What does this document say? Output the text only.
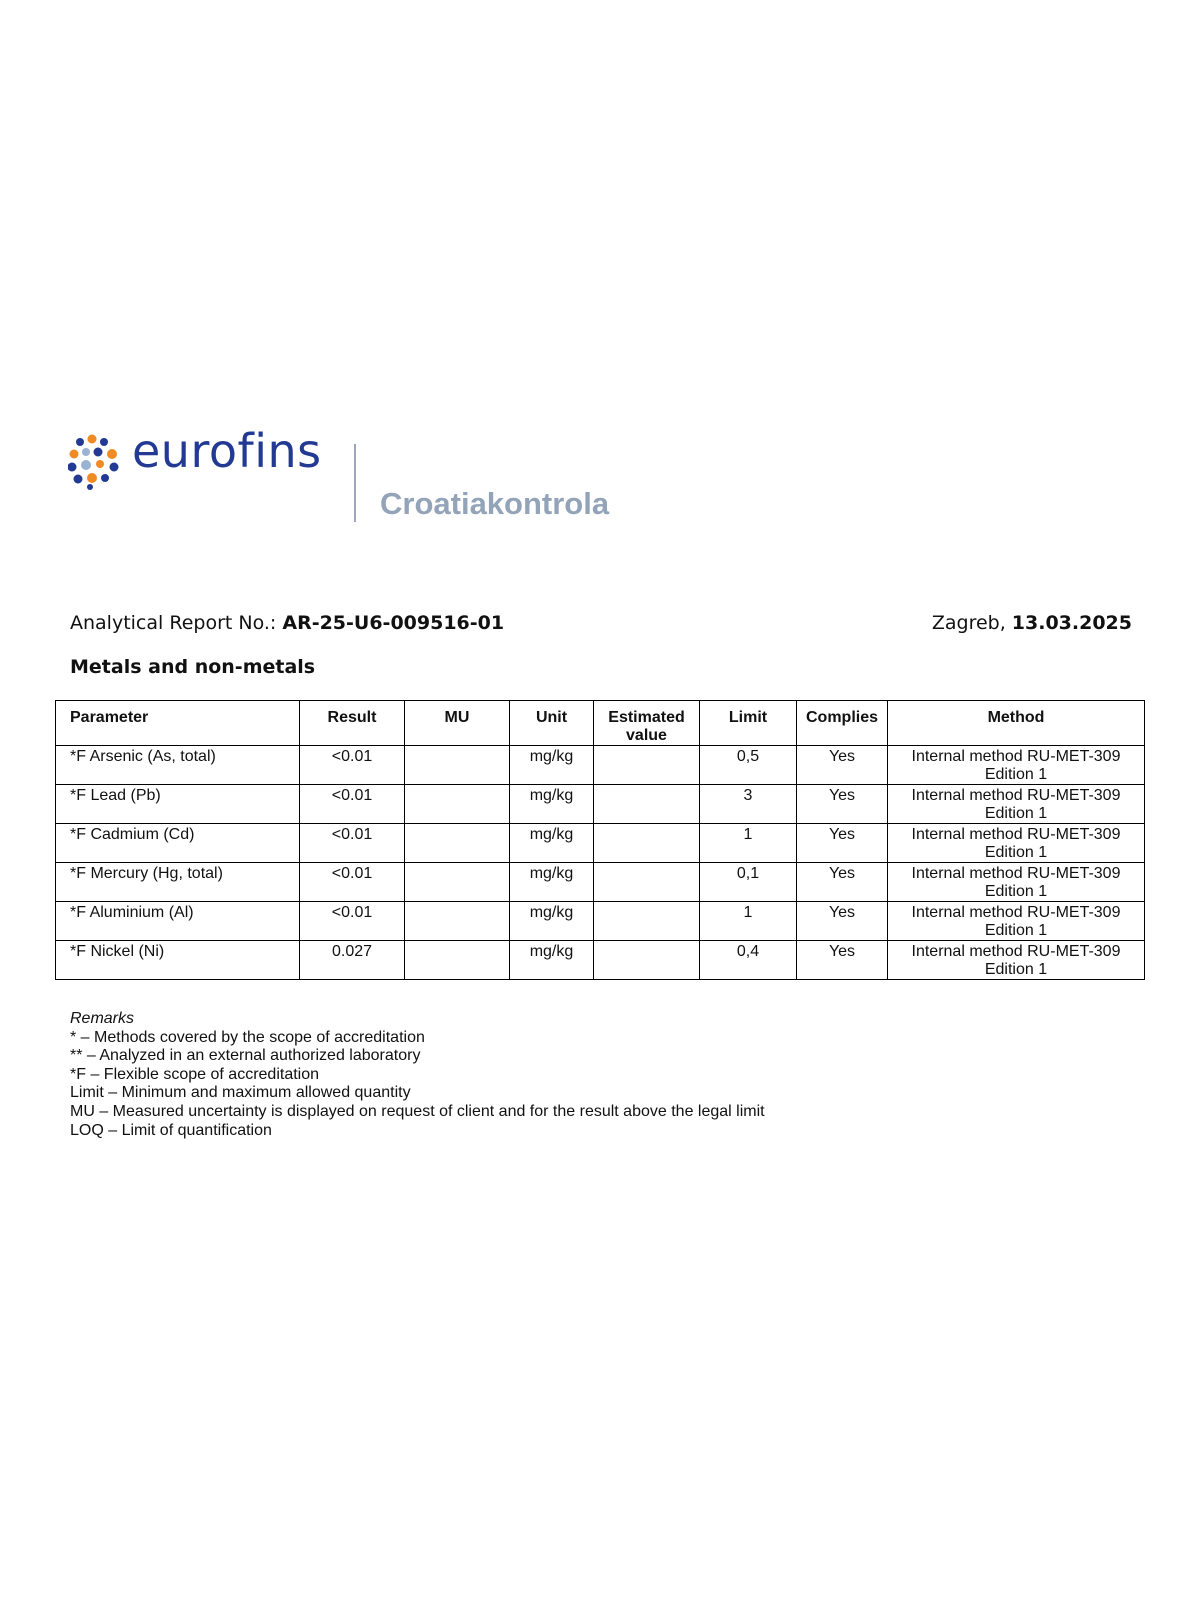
eurofins
Croatiakontrola
Analytical Report No.: AR-25-U6-009516-01	Zagreb, 13.03.2025
Metals and non-metals
Parameter	Result	MU	Unit	Estimated value	Limit	Complies	Method
*F Arsenic (As, total)	<0.01		mg/kg		0,5	Yes	Internal method RU-MET-309
Edition 1

*F Lead (Pb)	<0.01		mg/kg		3	Yes	Internal method RU-MET-309
Edition 1

*F Cadmium (Cd)	<0.01		mg/kg		1	Yes	Internal method RU-MET-309
Edition 1

*F Mercury (Hg, total)	<0.01		mg/kg		0,1	Yes	Internal method RU-MET-309
Edition 1

*F Aluminium (Al)	<0.01		mg/kg		1	Yes	Internal method RU-MET-309
Edition 1

*F Nickel (Ni)	0.027		mg/kg		0,4	Yes	Internal method RU-MET-309
Edition 1
Remarks
* – Methods covered by the scope of accreditation
** – Analyzed in an external authorized laboratory
*F – Flexible scope of accreditation
Limit – Minimum and maximum allowed quantity
MU – Measured uncertainty is displayed on request of client and for the result above the legal limit
LOQ – Limit of quantification
